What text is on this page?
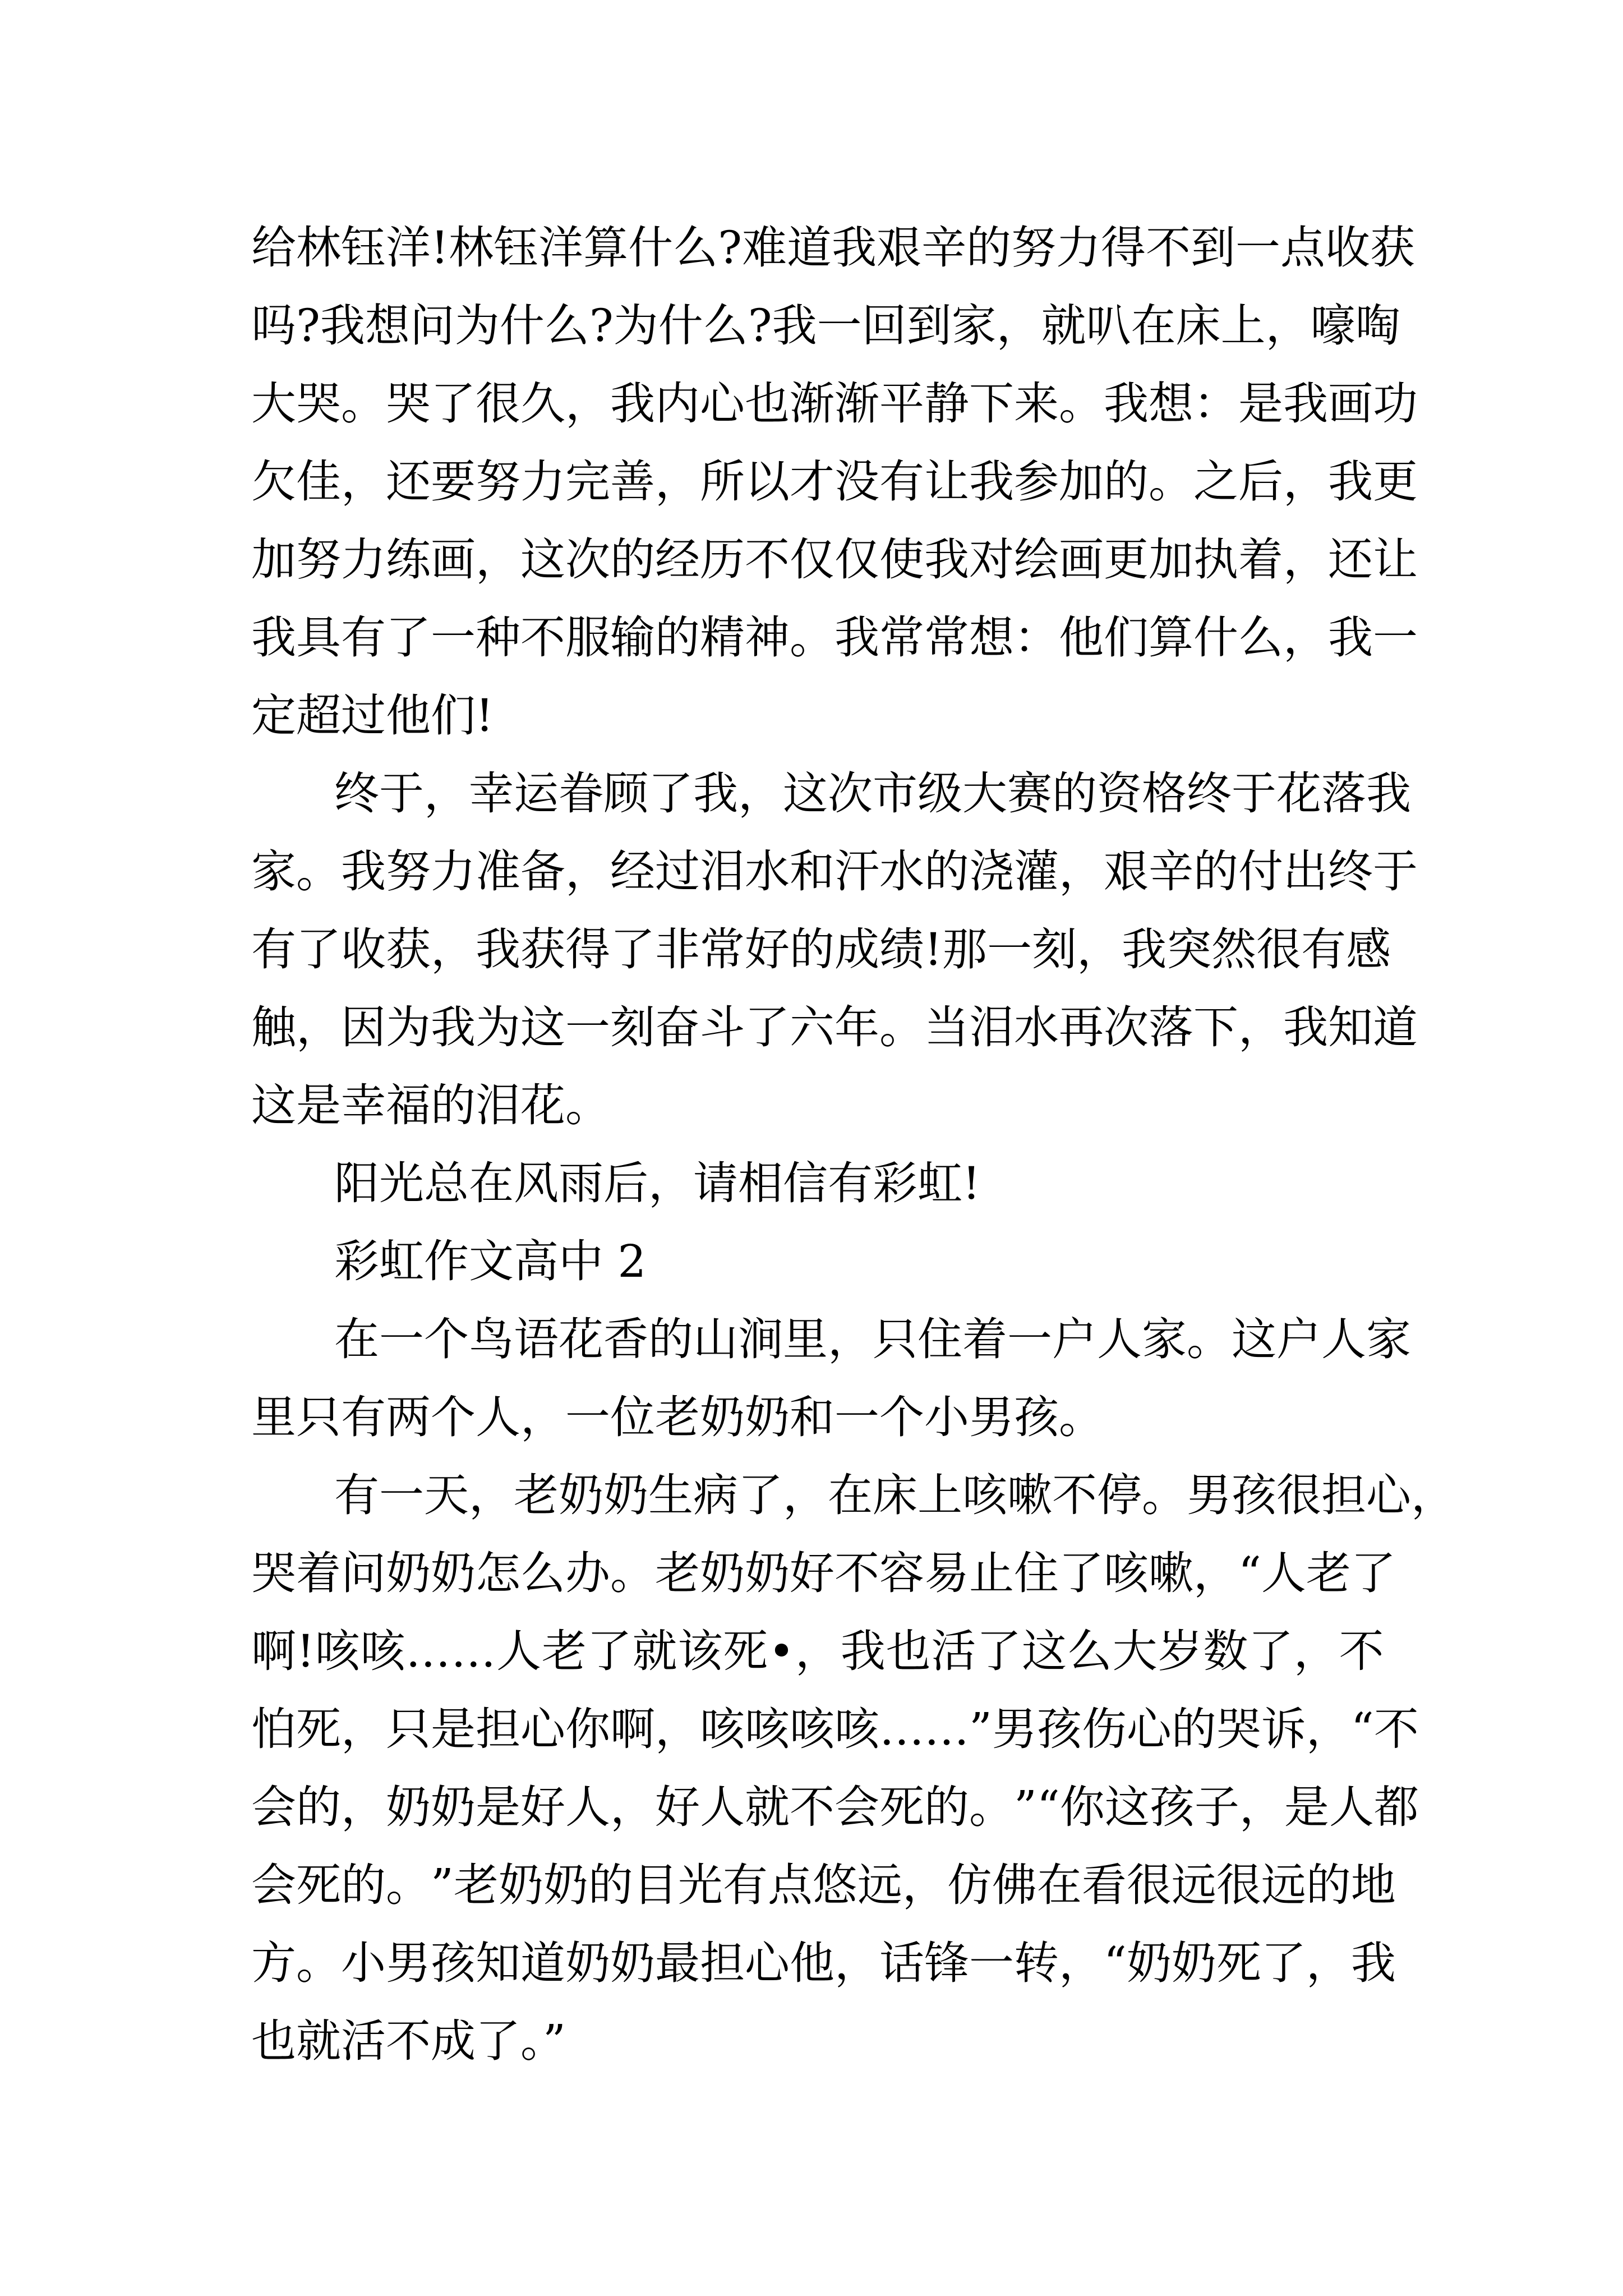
给 林 钰 洋 ! 林 钰 洋 算 什 么 ? 难 道 我 艰 辛 的 努 力 得 不 到 一 点 收 获
吗 ? 我 想 问 为 什 么 ? 为 什 么 ? 我 一 回 到 家 ， 就 叭 在 床 上 ， 嚎 啕
大 哭 。 哭 了 很 久 ， 我 内 心 也 渐 渐 平 静 下 来 。 我 想 ： 是 我 画 功
欠 佳 ， 还 要 努 力 完 善 ， 所 以 才 没 有 让 我 参 加 的 。 之 后 ， 我 更
加 努 力 练 画 ， 这 次 的 经 历 不 仅 仅 使 我 对 绘 画 更 加 执 着 ， 还 让
我 具 有 了 一 种 不 服 输 的 精 神 。 我 常 常 想 ： 他 们 算 什 么 ， 我 一
定超过他们!
终 于 ， 幸 运 眷 顾 了 我 ， 这 次 市 级 大 赛 的 资 格 终 于 花 落 我
家 。 我 努 力 准 备 ， 经 过 泪 水 和 汗 水 的 浇 灌 ， 艰 辛 的 付 出 终 于
有 了 收 获 ， 我 获 得 了 非 常 好 的 成 绩 ! 那 一 刻 ， 我 突 然 很 有 感
触 ， 因 为 我 为 这 一 刻 奋 斗 了 六 年 。 当 泪 水 再 次 落 下 ， 我 知 道
这是幸福的泪花。
阳光总在风雨后，请相信有彩虹!
彩虹作文高中 2
在 一 个 鸟 语 花 香 的 山 涧 里 ， 只 住 着 一 户 人 家 。 这 户 人 家
里只有两个人，一位老奶奶和一个小男孩。
有 一 天 ， 老 奶 奶 生 病 了 ， 在 床 上 咳 嗽 不 停 。 男 孩 很 担 心 ，
哭 着 问 奶 奶 怎 么 办 。 老 奶 奶 好 不 容 易 止 住 了 咳 嗽 ， “ 人 老 了
啊 ! 咳 咳 … … 人 老 了 就 该 死 • ， 我 也 活 了 这 么 大 岁 数 了 ， 不
怕 死 ， 只 是 担 心 你 啊 ， 咳 咳 咳 咳 … … ” 男 孩 伤 心 的 哭 诉 ， “ 不
会 的 ， 奶 奶 是 好 人 ， 好 人 就 不 会 死 的 。 ” “ 你 这 孩 子 ， 是 人 都
会 死 的 。 ” 老 奶 奶 的 目 光 有 点 悠 远 ， 仿 佛 在 看 很 远 很 远 的 地
方 。 小 男 孩 知 道 奶 奶 最 担 心 他 ， 话 锋 一 转 ， “ 奶 奶 死 了 ， 我
也就活不成了。”
